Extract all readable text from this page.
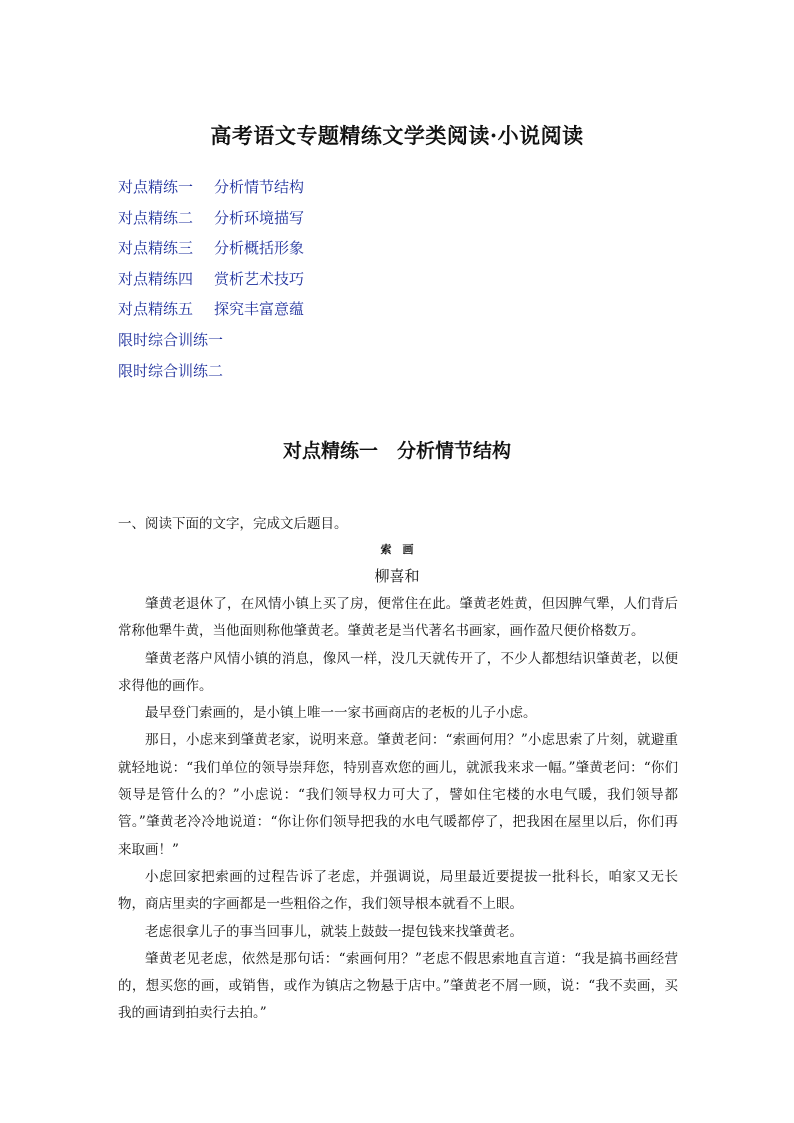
高考语文专题精练文学类阅读·小说阅读
对点精练一 分析情节结构
对点精练二 分析环境描写
对点精练三 分析概括形象
对点精练四 赏析艺术技巧
对点精练五 探究丰富意蕴
限时综合训练一
限时综合训练二
对点精练一　分析情节结构
一、阅读下面的文字，完成文后题目。
索　画
柳喜和

肇黄老退休了，在风情小镇上买了房，便常住在此。肇黄老姓黄，但因脾气犟，人们背后常称他犟牛黄，当他面则称他肇黄老。肇黄老是当代著名书画家，画作盈尺便价格数万。

肇黄老落户风情小镇的消息，像风一样，没几天就传开了，不少人都想结识肇黄老，以便求得他的画作。

最早登门索画的，是小镇上唯一一家书画商店的老板的儿子小虑。

那日，小虑来到肇黄老家，说明来意。肇黄老问：“索画何用？”小虑思索了片刻，就避重就轻地说：“我们单位的领导崇拜您，特别喜欢您的画儿，就派我来求一幅。”肇黄老问：“你们领导是管什么的？”小虑说：“我们领导权力可大了，譬如住宅楼的水电气暖，我们领导都管。”肇黄老冷冷地说道：“你让你们领导把我的水电气暖都停了，把我困在屋里以后，你们再来取画！”

小虑回家把索画的过程告诉了老虑，并强调说，局里最近要提拔一批科长，咱家又无长物，商店里卖的字画都是一些粗俗之作，我们领导根本就看不上眼。

老虑很拿儿子的事当回事儿，就装上鼓鼓一提包钱来找肇黄老。

肇黄老见老虑，依然是那句话：“索画何用？”老虑不假思索地直言道：“我是搞书画经营的，想买您的画，或销售，或作为镇店之物悬于店中。”肇黄老不屑一顾，说：“我不卖画，买我的画请到拍卖行去拍。”
